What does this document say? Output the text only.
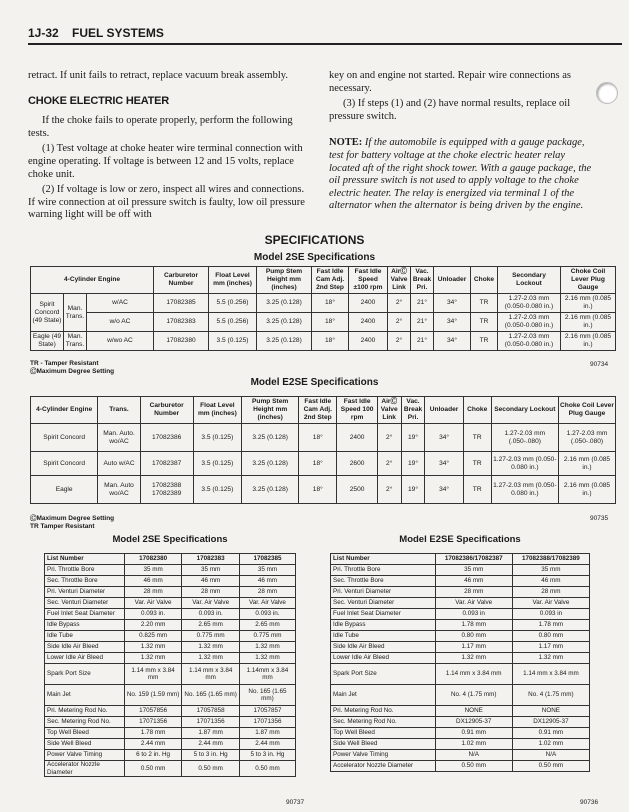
1J-32 FUEL SYSTEMS

retract. If unit fails to retract, replace vacuum break assembly.

CHOKE ELECTRIC HEATER

If the choke fails to operate properly, perform the following tests.

(1) Test voltage at choke heater wire terminal connection with engine operating. If voltage is between 12 and 15 volts, replace choke unit.

(2) If voltage is low or zero, inspect all wires and connections. If wire connection at oil pressure switch is faulty, low oil pressure warning light will be off with

key on and engine not started. Repair wire connections as necessary.

(3) If steps (1) and (2) have normal results, replace oil pressure switch.

NOTE: If the automobile is equipped with a gauge package, test for battery voltage at the choke electric heater relay located aft of the right shock tower. With a gauge package, the oil pressure switch is not used to apply voltage to the choke electric heater. The relay is energized via terminal 1 of the alternator when the alternator is being driven by the engine.

SPECIFICATIONS
Model 2SE Specifications
4-Cylinder Engine			Carburetor Number	Float Level mm (inches)	Pump Stem Height mm (inches)	Fast Idle Cam Adj. 2nd Step	Fast Idle Speed ±100 rpm	AirⒸ Valve Link	Vac. Break Pri.	Unloader	Choke	Secondary Lockout	Choke Coil Lever Plug Gauge
Spirit Concord (49 State)	Man. Trans.	w/AC	17082385	5.5 (0.256)	3.25 (0.128)	18°	2400	2°	21°	34°	TR	1.27-2.03 mm (0.050-0.080 in.)	2.16 mm (0.085 in.)
		w/o AC	17082383	5.5 (0.256)	3.25 (0.128)	18°	2400	2°	21°	34°	TR	1.27-2.03 mm (0.050-0.080 in.)	2.16 mm (0.085 in.)
Eagle (49 State)	Man. Trans.	w/wo AC	17082380	3.5 (0.125)	3.25 (0.128)	18°	2400	2°	21°	34°	TR	1.27-2.03 mm (0.050-0.080 in.)	2.16 mm (0.085 in.)
TR - Tamper Resistant
ⒸMaximum Degree Setting
90734
Model E2SE Specifications
4-Cylinder Engine	Trans.	Carburetor Number	Float Level mm (inches)	Pump Stem Height mm (inches)	Fast Idle Cam Adj. 2nd Step	Fast Idle Speed 100 rpm	AirⒸ Valve Link	Vac. Break Pri.	Unloader	Choke	Secondary Lockout	Choke Coil Lever Plug Gauge
Spirit Concord	Man. Auto. wo/AC	17082386	3.5 (0.125)	3.25 (0.128)	18°	2400	2°	19°	34°	TR	1.27-2.03 mm (.050-.080)	1.27-2.03 mm (.050-.080)
Spirit Concord	Auto w/AC	17082387	3.5 (0.125)	3.25 (0.128)	18°	2600	2°	19°	34°	TR	1.27-2.03 mm (0.050-0.080 in.)	2.16 mm (0.085 in.)
Eagle	Man. Auto wo/AC	17082388 17082389	3.5 (0.125)	3.25 (0.128)	18°	2500	2°	19°	34°	TR	1.27-2.03 mm (0.050-0.080 in.)	2.16 mm (0.085 in.)
ⒸMaximum Degree Setting
TR Tamper Resistant
90735
Model 2SE Specifications
List Number	17082380	17082383	17082385
Pri. Throttle Bore	35 mm	35 mm	35 mm
Sec. Throttle Bore	46 mm	46 mm	46 mm
Pri. Venturi Diameter	28 mm	28 mm	28 mm
Sec. Venturi Diameter	Var. Air Valve	Var. Air Valve	Var. Air Valve
Fuel Inlet Seat Diameter	0.093 in.	0.093 in.	0.093 in.
Idle Bypass	2.20 mm	2.65 mm	2.65 mm
Idle Tube	0.825 mm	0.775 mm	0.775 mm
Side Idle Air Bleed	1.32 mm	1.32 mm	1.32 mm
Lower Idle Air Bleed	1.32 mm	1.32 mm	1.32 mm
Spark Port Size	1.14 mm x 3.84 mm	1.14 mm x 3.84 mm	1.14mm x 3.84 mm
Main Jet	No. 159 (1.59 mm)	No. 165 (1.65 mm)	No. 165 (1.65 mm)
Pri. Metering Rod No.	17057856	17057858	17057857
Sec. Metering Rod No.	17071356	17071356	17071356
Top Well Bleed	1.78 mm	1.87 mm	1.87 mm
Side Well Bleed	2.44 mm	2.44 mm	2.44 mm
Power Valve Timing	6 to 2 in. Hg	5 to 3 in. Hg	5 to 3 in. Hg
Accelerator Nozzle Diameter	0.50 mm	0.50 mm	0.50 mm
90737
Model E2SE Specifications
List Number	17082386/17082387	17082388/17082389
Pri. Throttle Bore	35 mm	35 mm
Sec. Throttle Bore	46 mm	46 mm
Pri. Venturi Diameter	28 mm	28 mm
Sec. Venturi Diameter	Var. Air Valve	Var. Air Valve
Fuel Inlet Seat Diameter	0.093 in	0.093 in
Idle Bypass	1.78 mm	1.78 mm
Idle Tube	0.80 mm	0.80 mm
Side Idle Air Bleed	1.17 mm	1.17 mm
Lower Idle Air Bleed	1.32 mm	1.32 mm
Spark Port Size	1.14 mm x 3.84 mm	1.14 mm x 3.84 mm
Main Jet	No. 4 (1.75 mm)	No. 4 (1.75 mm)
Pri. Metering Rod No.	NONE	NONE
Sec. Metering Rod No.	DX12905-37	DX12905-37
Top Well Bleed	0.91 mm	0.91 mm
Side Well Bleed	1.02 mm	1.02 mm
Power Valve Timing	N/A	N/A
Accelerator Nozzle Diameter	0.50 mm	0.50 mm
90736
